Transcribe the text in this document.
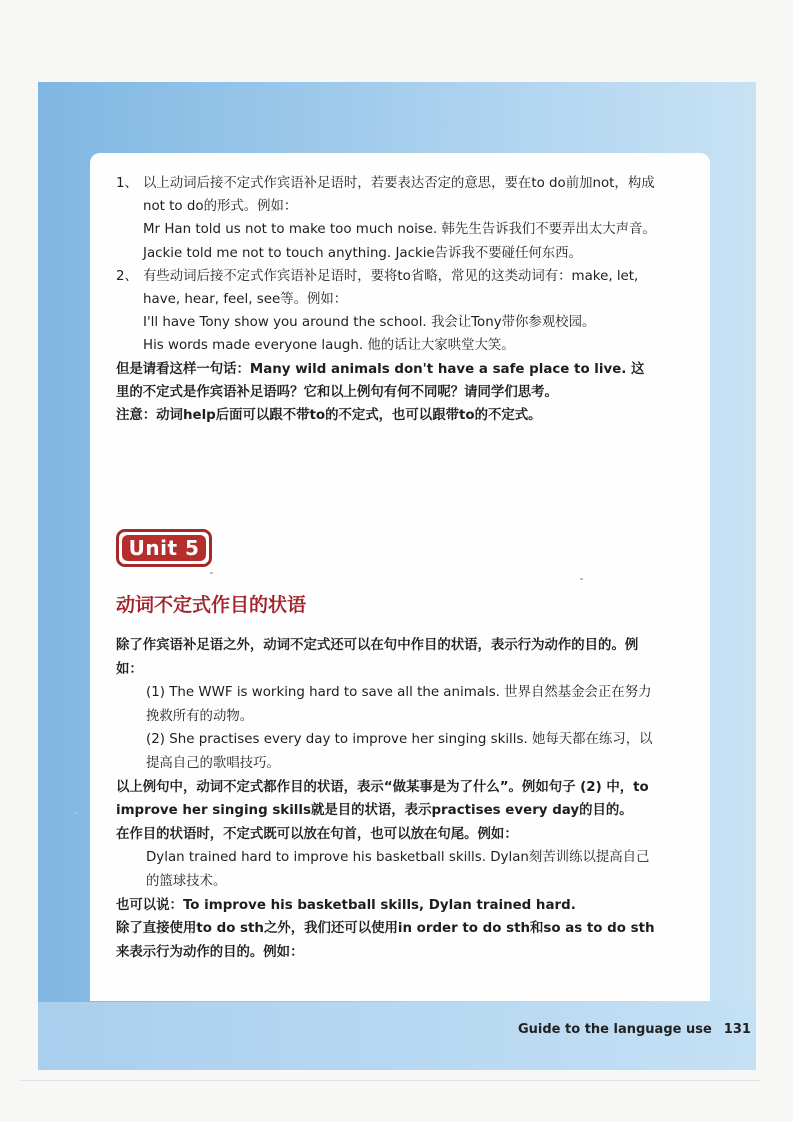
1、 以上动词后接不定式作宾语补足语时，若要表达否定的意思，要在to do前加not，构成not to do的形式。例如：

Mr Han told us not to make too much noise. 韩先生告诉我们不要弄出太大声音。

Jackie told me not to touch anything. Jackie告诉我不要碰任何东西。

2、 有些动词后接不定式作宾语补足语时，要将to省略，常见的这类动词有：make, let, have, hear, feel, see等。例如：

I'll have Tony show you around the school. 我会让Tony带你参观校园。

His words made everyone laugh. 他的话让大家哄堂大笑。

但是请看这样一句话：Many wild animals don't have a safe place to live. 这里的不定式是作宾语补足语吗？它和以上例句有何不同呢？请同学们思考。

注意：动词help后面可以跟不带to的不定式，也可以跟带to的不定式。

Unit 5
动词不定式作目的状语

除了作宾语补足语之外，动词不定式还可以在句中作目的状语，表示行为动作的目的。例如：

(1) The WWF is working hard to save all the animals. 世界自然基金会正在努力挽救所有的动物。

(2) She practises every day to improve her singing skills. 她每天都在练习，以提高自己的歌唱技巧。

以上例句中，动词不定式都作目的状语，表示“做某事是为了什么”。例如句子 (2) 中，to improve her singing skills就是目的状语，表示practises every day的目的。

在作目的状语时，不定式既可以放在句首，也可以放在句尾。例如：

Dylan trained hard to improve his basketball skills. Dylan刻苦训练以提高自己的篮球技术。

也可以说：To improve his basketball skills, Dylan trained hard.

除了直接使用to do sth之外，我们还可以使用in order to do sth和so as to do sth来表示行为动作的目的。例如：

Guide to the language use 131
